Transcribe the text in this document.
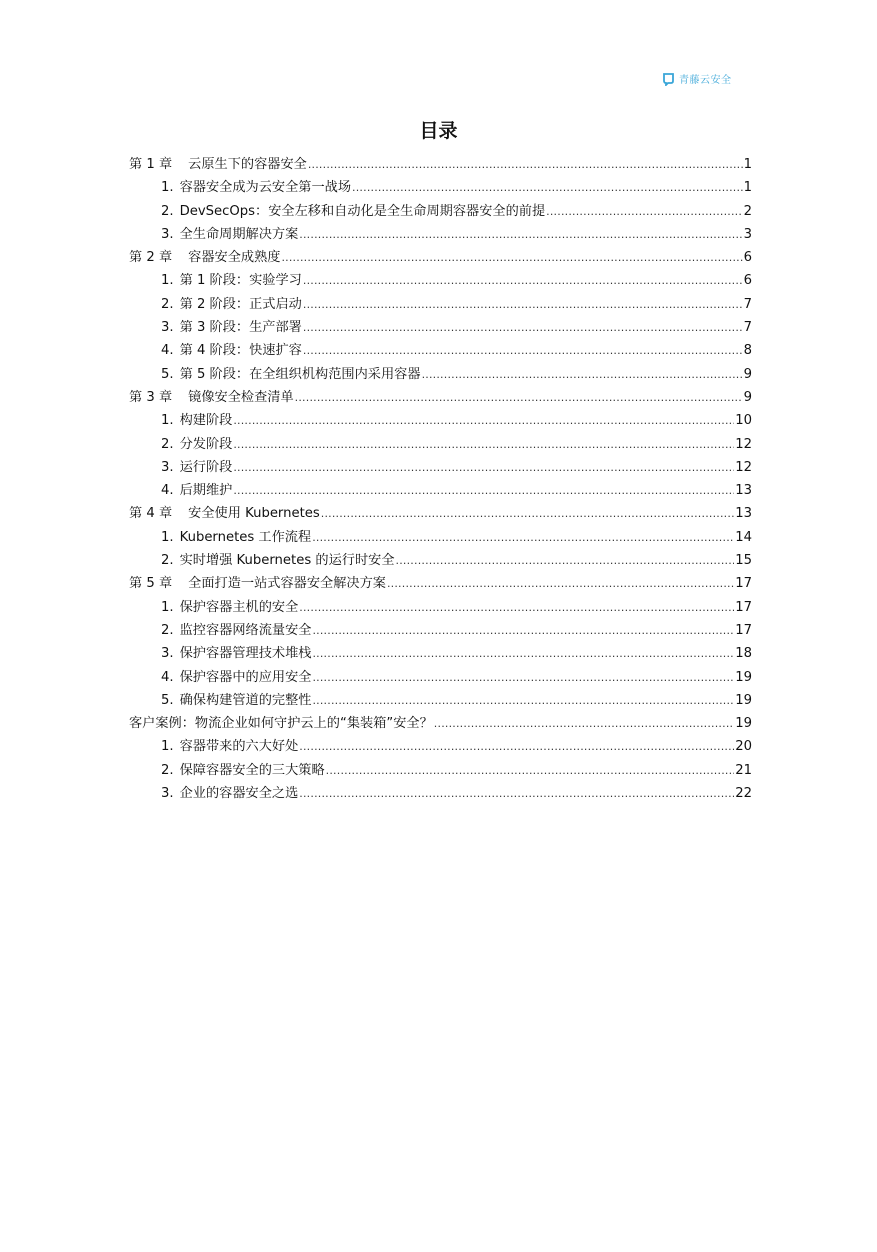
青藤云安全
目录
第 1 章 云原生下的容器安全 .....	1
1. 容器安全成为云安全第一战场 .....	1
2. DevSecOps：安全左移和自动化是全生命周期容器安全的前提 .....	2
3. 全生命周期解决方案 .....	3
第 2 章 容器安全成熟度 .....	6
1. 第 1 阶段：实验学习 .....	6
2. 第 2 阶段：正式启动 .....	7
3. 第 3 阶段：生产部署 .....	7
4. 第 4 阶段：快速扩容 .....	8
5. 第 5 阶段：在全组织机构范围内采用容器 .....	9
第 3 章 镜像安全检查清单 .....	9
1. 构建阶段 .....	10
2. 分发阶段 .....	12
3. 运行阶段 .....	12
4. 后期维护 .....	13
第 4 章 安全使用 Kubernetes .....	13
1. Kubernetes 工作流程 .....	14
2. 实时增强 Kubernetes 的运行时安全 .....	15
第 5 章 全面打造一站式容器安全解决方案 .....	17
1. 保护容器主机的安全 .....	17
2. 监控容器网络流量安全 .....	17
3. 保护容器管理技术堆栈 .....	18
4. 保护容器中的应用安全 .....	19
5. 确保构建管道的完整性 .....	19
客户案例：物流企业如何守护云上的“集装箱”安全？ .....	19
1. 容器带来的六大好处 .....	20
2. 保障容器安全的三大策略 .....	21
3. 企业的容器安全之选 .....	22
